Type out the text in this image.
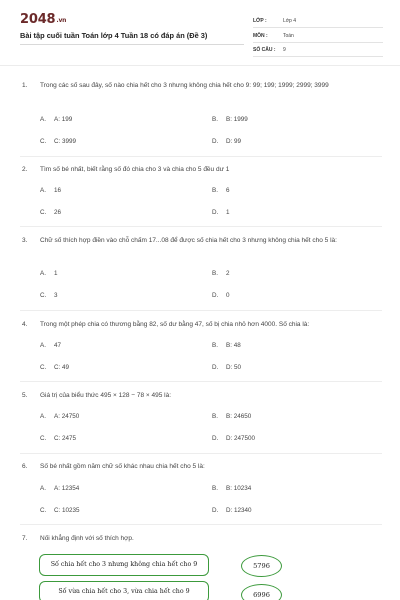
2048.vn
Bài tập cuối tuần Toán lớp 4 Tuần 18 có đáp án (Đề 3)
LỚP :	Lớp 4
MÔN :	Toán
SỐ CÂU : 9
1. Trong các số sau đây, số nào chia hết cho 3 nhưng không chia hết cho 9: 99; 199; 1999; 2999; 3999
A. A: 199	B. B: 1999
C. C: 3999	D. D: 99
2. Tìm số bé nhất, biết rằng số đó chia cho 3 và chia cho 5 đều dư 1
A. 16	B. 6
C. 26	D. 1
3. Chữ số thích hợp điền vào chỗ chấm 17...08 để được số chia hết cho 3 nhưng không chia hết cho 5 là:
A. 1	B. 2
C. 3	D. 0
4. Trong một phép chia có thương bằng 82, số dư bằng 47, số bị chia nhỏ hơn 4000. Số chia là:
A. 47	B. B: 48
C. C: 49	D. D: 50
5. Giá trị của biểu thức 495 × 128 − 78 × 495 là:
A. A: 24750	B. B: 24650
C. C: 2475	D. D: 247500
6. Số bé nhất gồm năm chữ số khác nhau chia hết cho 5 là:
A. A: 12354	B. B: 10234
C. C: 10235	D. D: 12340
7. Nối khẳng định với số thích hợp.
Số chia hết cho 3 nhưng không chia hết cho 9	5796
Số vừa chia hết cho 3, vừa chia hết cho 9	6996
